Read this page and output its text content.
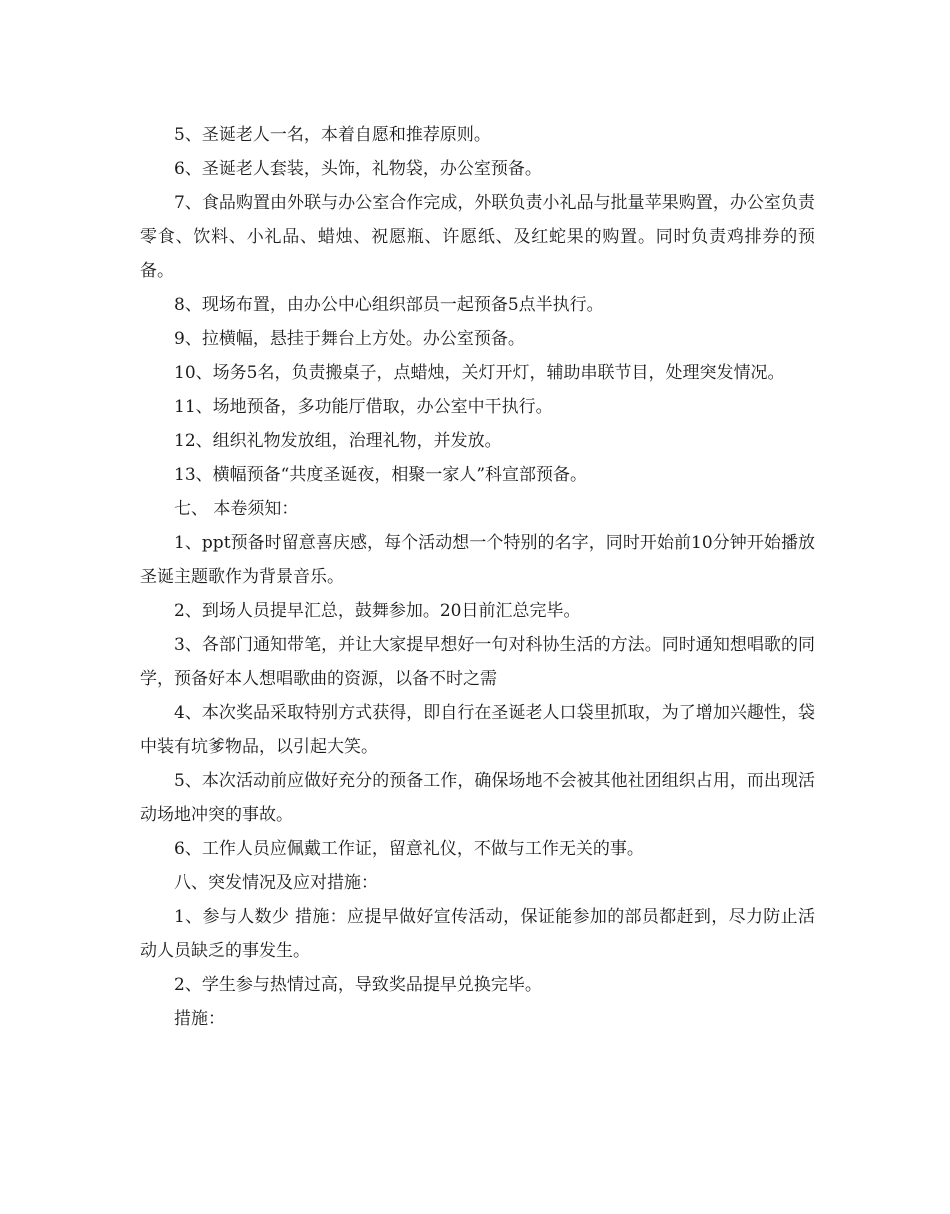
5、圣诞老人一名，本着自愿和推荐原则。

6、圣诞老人套装，头饰，礼物袋，办公室预备。

7、食品购置由外联与办公室合作完成，外联负责小礼品与批量苹果购置，办公室负责零食、饮料、小礼品、蜡烛、祝愿瓶、许愿纸、及红蛇果的购置。同时负责鸡排券的预备。

8、现场布置，由办公中心组织部员一起预备5点半执行。

9、拉横幅，悬挂于舞台上方处。办公室预备。

10、场务5名，负责搬桌子，点蜡烛，关灯开灯，辅助串联节目，处理突发情况。

11、场地预备，多功能厅借取，办公室中干执行。

12、组织礼物发放组，治理礼物，并发放。

13、横幅预备“共度圣诞夜，相聚一家人”科宣部预备。

七、 本卷须知：

1、ppt预备时留意喜庆感，每个活动想一个特别的名字，同时开始前10分钟开始播放圣诞主题歌作为背景音乐。

2、到场人员提早汇总，鼓舞参加。20日前汇总完毕。

3、各部门通知带笔，并让大家提早想好一句对科协生活的方法。同时通知想唱歌的同学，预备好本人想唱歌曲的资源，以备不时之需

4、本次奖品采取特别方式获得，即自行在圣诞老人口袋里抓取，为了增加兴趣性，袋中装有坑爹物品，以引起大笑。

5、本次活动前应做好充分的预备工作，确保场地不会被其他社团组织占用，而出现活动场地冲突的事故。

6、工作人员应佩戴工作证，留意礼仪，不做与工作无关的事。

八、突发情况及应对措施：

1、参与人数少 措施：应提早做好宣传活动，保证能参加的部员都赶到，尽力防止活动人员缺乏的事发生。

2、学生参与热情过高，导致奖品提早兑换完毕。

措施：
